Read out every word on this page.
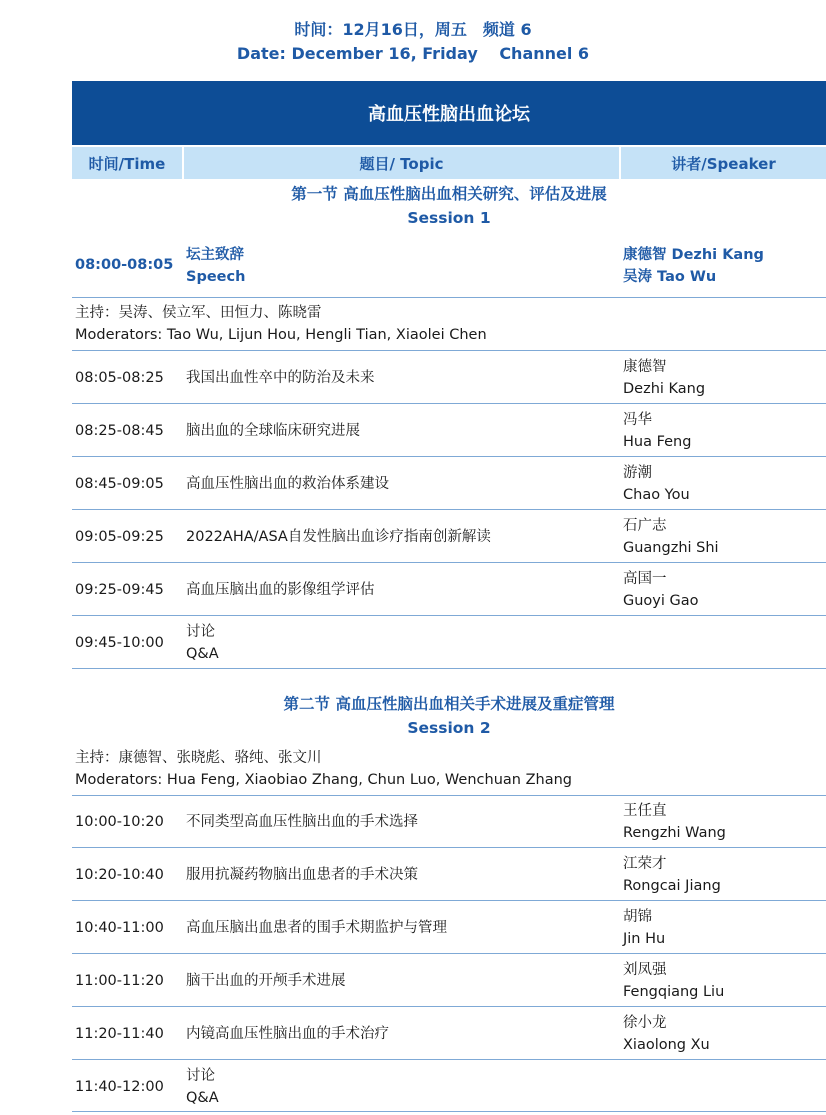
时间：12月16日，周五　频道 6
Date: December 16, Friday　 Channel 6
高血压性脑出血论坛
时间/Time	题目/ Topic	讲者/Speaker
第一节 高血压性脑出血相关研究、评估及进展
Session 1
08:00-08:05
坛主致辞
Speech
康德智 Dezhi Kang
吴涛 Tao Wu
主持：吴涛、侯立军、田恒力、陈晓雷
Moderators: Tao Wu, Lijun Hou, Hengli Tian, Xiaolei Chen
08:05-08:25 我国出血性卒中的防治及未来
康德智
Dezhi Kang
08:25-08:45 脑出血的全球临床研究进展
冯华
Hua Feng
08:45-09:05 高血压性脑出血的救治体系建设
游潮
Chao You
09:05-09:25 2022AHA/ASA自发性脑出血诊疗指南创新解读
石广志
Guangzhi Shi
09:25-09:45 高血压脑出血的影像组学评估
高国一
Guoyi Gao
09:45-10:00
讨论
Q&A
第二节 高血压性脑出血相关手术进展及重症管理
Session 2
主持：康德智、张晓彪、骆纯、张文川
Moderators: Hua Feng, Xiaobiao Zhang, Chun Luo, Wenchuan Zhang
10:00-10:20 不同类型高血压性脑出血的手术选择
王任直
Rengzhi Wang
10:20-10:40 服用抗凝药物脑出血患者的手术决策
江荣才
Rongcai Jiang
10:40-11:00 高血压脑出血患者的围手术期监护与管理
胡锦
Jin Hu
11:00-11:20 脑干出血的开颅手术进展
刘凤强
Fengqiang Liu
11:20-11:40 内镜高血压性脑出血的手术治疗
徐小龙
Xiaolong Xu
11:40-12:00
讨论
Q&A
